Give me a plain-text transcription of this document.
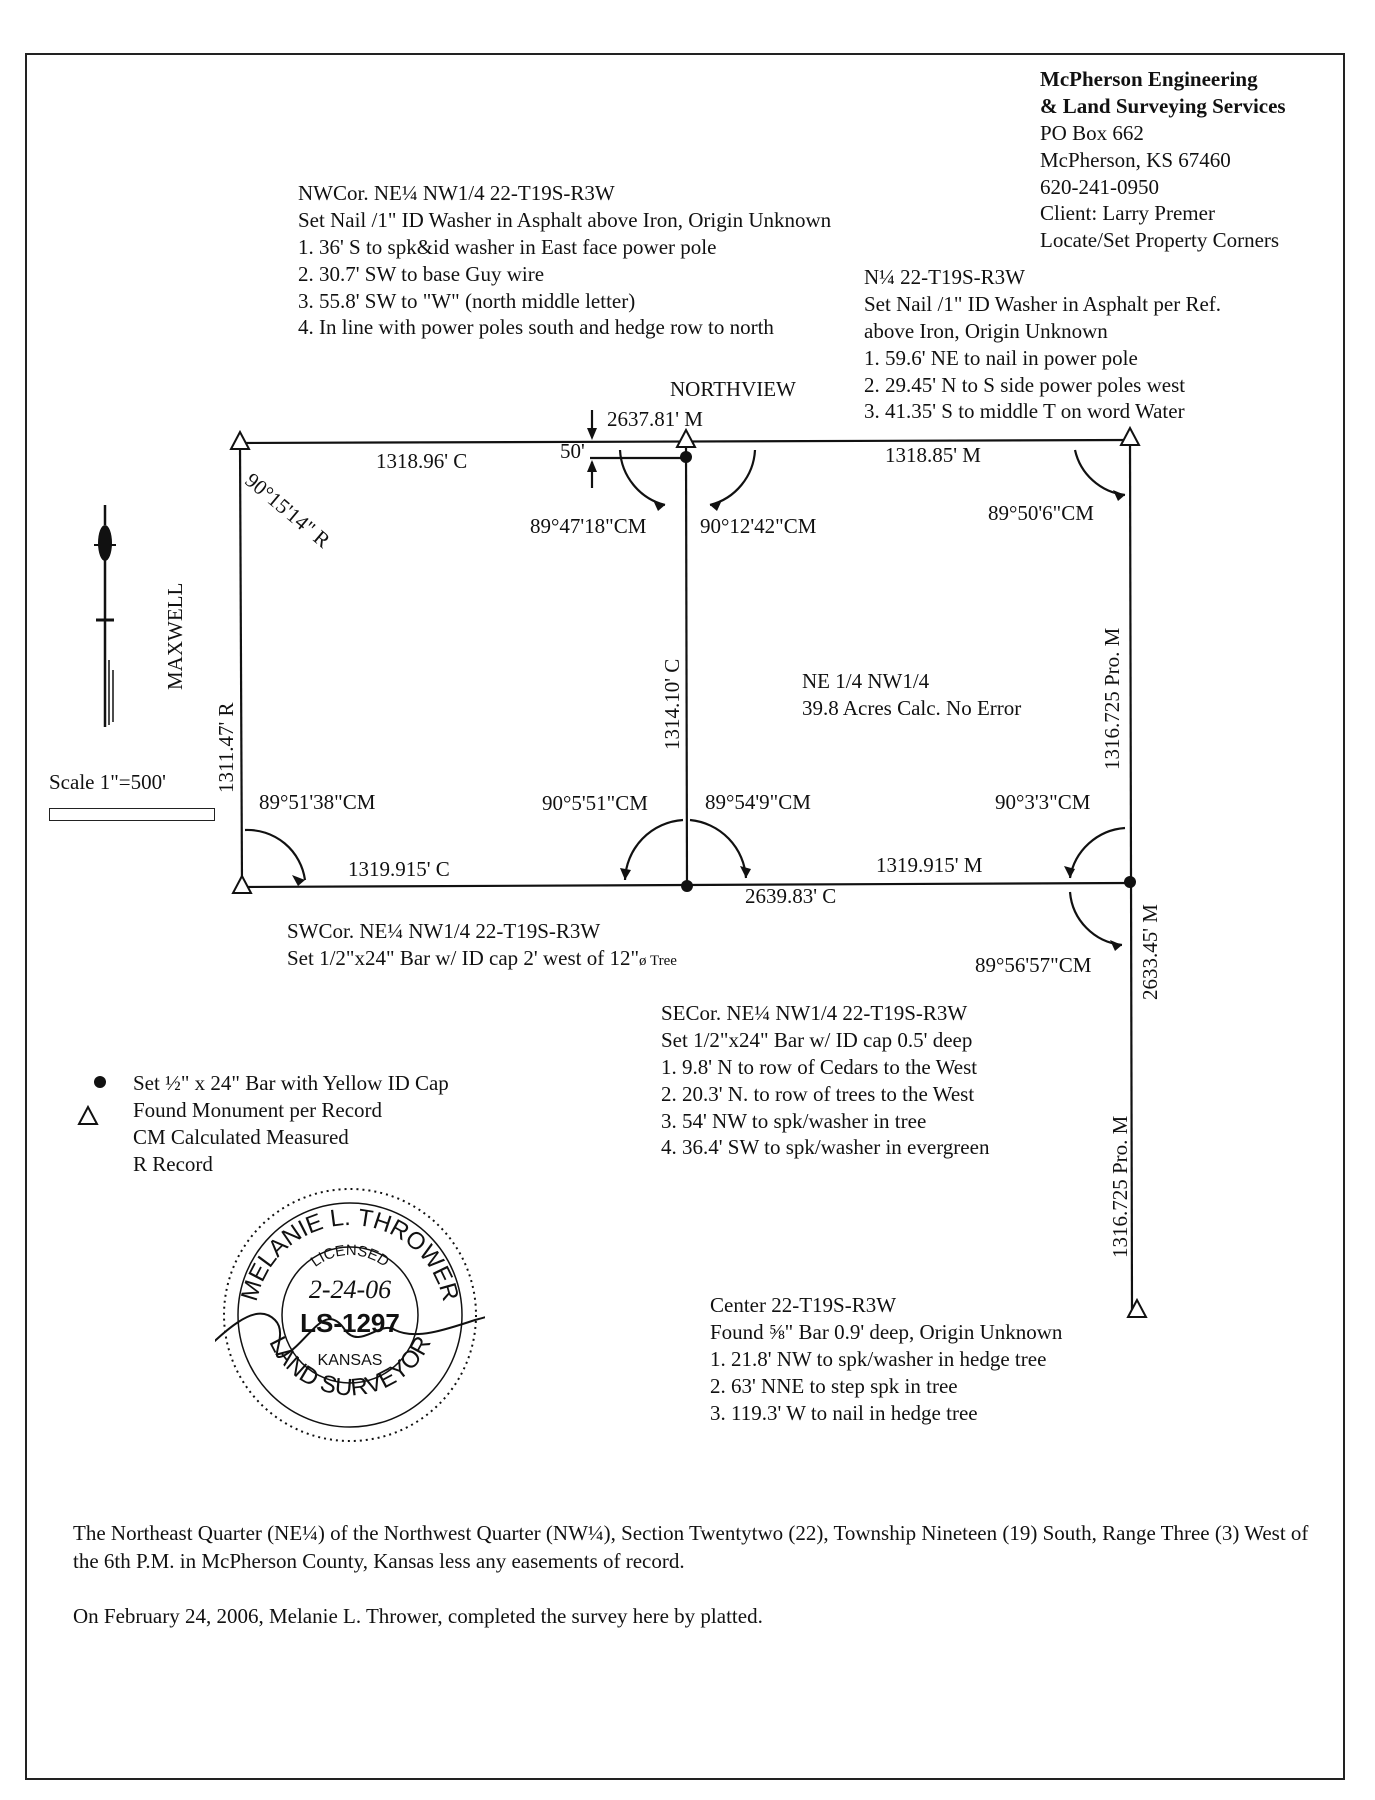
McPherson Engineering
& Land Surveying Services
PO Box 662
McPherson, KS 67460
620-241-0950
Client: Larry Premer
Locate/Set Property Corners
NWCor. NE¼ NW1/4 22-T19S-R3W
Set Nail /1" ID Washer in Asphalt above Iron, Origin Unknown
1. 36' S to spk&id washer in East face power pole
2. 30.7' SW to base Guy wire
3. 55.8' SW to "W" (north middle letter)
4. In line with power poles south and hedge row to north
N¼ 22-T19S-R3W
Set Nail /1" ID Washer in Asphalt per Ref.
above Iron, Origin Unknown
1. 59.6' NE to nail in power pole
2. 29.45' N to S side power poles west
3. 41.35' S to middle T on word Water
NORTHVIEW
2637.81' M
1318.96' C	1318.85' M
50'
90°15'14" R	89°47'18"CM	90°12'42"CM
89°50'6"CM
MAXWELL
1311.47' R	1314.10' C	1316.725 Pro. M
NE 1/4 NW1/4
39.8 Acres Calc. No Error
Scale 1"=500'
89°51'38"CM	90°5'51"CM	89°54'9"CM	90°3'3"CM
1319.915' C	1319.915' M
2639.83' C
89°56'57"CM 2633.45' M
1316.725 Pro. M
SWCor. NE¼ NW1/4 22-T19S-R3W
Set 1/2"x24" Bar w/ ID cap 2' west of 12"ø Tree
SECor. NE¼ NW1/4 22-T19S-R3W
Set 1/2"x24" Bar w/ ID cap 0.5' deep
1. 9.8' N to row of Cedars to the West
2. 20.3' N. to row of trees to the West
3. 54' NW to spk/washer in tree
4. 36.4' SW to spk/washer in evergreen
Set ½" x 24" Bar with Yellow ID Cap
Found Monument per Record
CM Calculated Measured
R Record
MELANIE L. THROWER
LAND SURVEYOR
LICENSED
2-24-06
LS-1297
KANSAS
Center 22-T19S-R3W
Found ⅝" Bar 0.9' deep, Origin Unknown
1. 21.8' NW to spk/washer in hedge tree
2. 63' NNE to step spk in tree
3. 119.3' W to nail in hedge tree
The Northeast Quarter (NE¼) of the Northwest Quarter (NW¼), Section Twentytwo (22), Township Nineteen (19) South, Range Three (3) West of the 6th P.M. in McPherson County, Kansas less any easements of record.
On February 24, 2006, Melanie L. Thrower, completed the survey here by platted.
